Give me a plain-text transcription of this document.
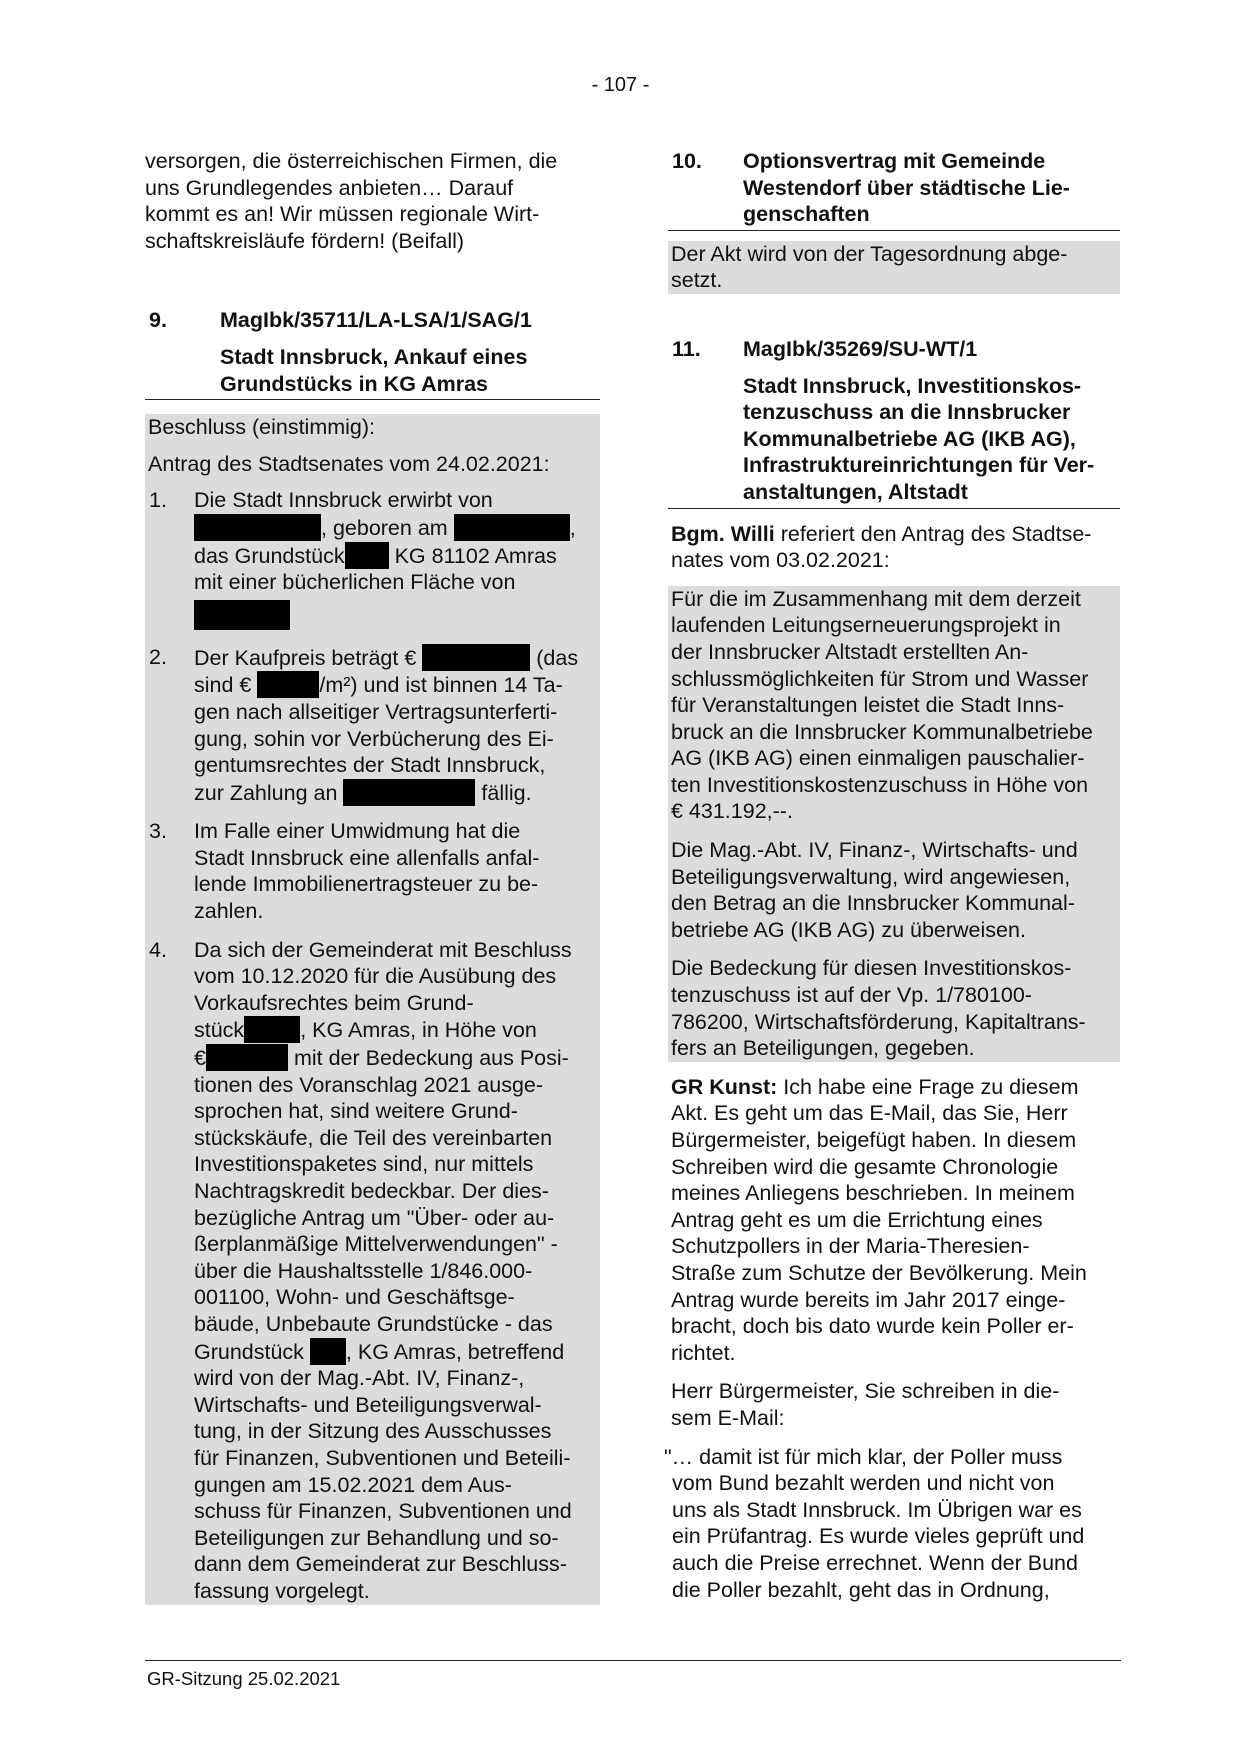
- 107 -
versorgen, die österreichischen Firmen, die
uns Grundlegendes anbieten… Darauf
kommt es an! Wir müssen regionale Wirt-
schaftskreisläufe fördern! (Beifall)
9. MagIbk/35711/LA-LSA/1/SAG/1
Stadt Innsbruck, Ankauf eines
Grundstücks in KG Amras
Beschluss (einstimmig):
Antrag des Stadtsenates vom 24.02.2021:
1. Die Stadt Innsbruck erwirbt von
, geboren am	,
das Grundstück KG 81102 Amras
mit einer bücherlichen Fläche von
2. Der Kaufpreis beträgt €	(das
sind €	/m²) und ist binnen 14 Ta-
gen nach allseitiger Vertragsunterferti-
gung, sohin vor Verbücherung des Ei-
gentumsrechtes der Stadt Innsbruck,
zur Zahlung an	fällig.
3. Im Falle einer Umwidmung hat die
Stadt Innsbruck eine allenfalls anfal-
lende Immobilienertragsteuer zu be-
zahlen.
4. Da sich der Gemeinderat mit Beschluss
vom 10.12.2020 für die Ausübung des
Vorkaufsrechtes beim Grund-
stück	, KG Amras, in Höhe von
€	mit der Bedeckung aus Posi-
tionen des Voranschlag 2021 ausge-
sprochen hat, sind weitere Grund-
stückskäufe, die Teil des vereinbarten
Investitionspaketes sind, nur mittels
Nachtragskredit bedeckbar. Der dies-
bezügliche Antrag um "Über- oder au-
ßerplanmäßige Mittelverwendungen" -
über die Haushaltsstelle 1/846.000-
001100, Wohn- und Geschäftsge-
bäude, Unbebaute Grundstücke - das
Grundstück , KG Amras, betreffend
wird von der Mag.-Abt. IV, Finanz-,
Wirtschafts- und Beteiligungsverwal-
tung, in der Sitzung des Ausschusses
für Finanzen, Subventionen und Beteili-
gungen am 15.02.2021 dem Aus-
schuss für Finanzen, Subventionen und
Beteiligungen zur Behandlung und so-
dann dem Gemeinderat zur Beschluss-
fassung vorgelegt.
10. Optionsvertrag mit Gemeinde
Westendorf über städtische Lie-
genschaften
Der Akt wird von der Tagesordnung abge-
setzt.
11. MagIbk/35269/SU-WT/1
Stadt Innsbruck, Investitionskos-
tenzuschuss an die Innsbrucker
Kommunalbetriebe AG (IKB AG),
Infrastruktureinrichtungen für Ver-
anstaltungen, Altstadt
Bgm. Willi referiert den Antrag des Stadtse-
nates vom 03.02.2021:
Für die im Zusammenhang mit dem derzeit
laufenden Leitungserneuerungsprojekt in
der Innsbrucker Altstadt erstellten An-
schlussmöglichkeiten für Strom und Wasser
für Veranstaltungen leistet die Stadt Inns-
bruck an die Innsbrucker Kommunalbetriebe
AG (IKB AG) einen einmaligen pauschalier-
ten Investitionskostenzuschuss in Höhe von
€ 431.192,--.
Die Mag.-Abt. IV, Finanz-, Wirtschafts- und
Beteiligungsverwaltung, wird angewiesen,
den Betrag an die Innsbrucker Kommunal-
betriebe AG (IKB AG) zu überweisen.
Die Bedeckung für diesen Investitionskos-
tenzuschuss ist auf der Vp. 1/780100-
786200, Wirtschaftsförderung, Kapitaltrans-
fers an Beteiligungen, gegeben.
GR Kunst: Ich habe eine Frage zu diesem
Akt. Es geht um das E-Mail, das Sie, Herr
Bürgermeister, beigefügt haben. In diesem
Schreiben wird die gesamte Chronologie
meines Anliegens beschrieben. In meinem
Antrag geht es um die Errichtung eines
Schutzpollers in der Maria-Theresien-
Straße zum Schutze der Bevölkerung. Mein
Antrag wurde bereits im Jahr 2017 einge-
bracht, doch bis dato wurde kein Poller er-
richtet.
Herr Bürgermeister, Sie schreiben in die-
sem E-Mail:
"… damit ist für mich klar, der Poller muss
vom Bund bezahlt werden und nicht von
uns als Stadt Innsbruck. Im Übrigen war es
ein Prüfantrag. Es wurde vieles geprüft und
auch die Preise errechnet. Wenn der Bund
die Poller bezahlt, geht das in Ordnung,
GR-Sitzung 25.02.2021
